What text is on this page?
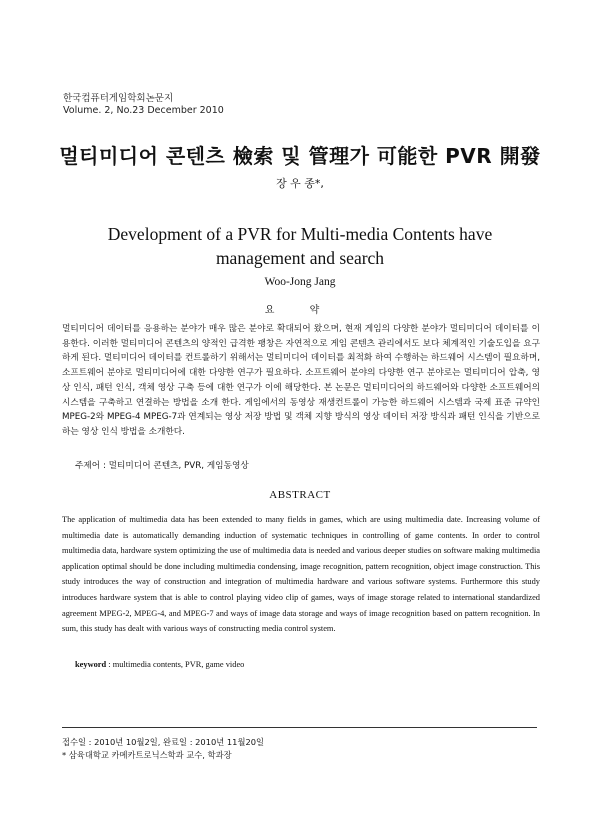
한국컴퓨터게임학회논문지
Volume. 2, No.23 December 2010
멀티미디어 콘텐츠 檢索 및 管理가 可能한 PVR 開發
장 우 종*,
Development of a PVR for Multi-media Contents have management and search
Woo-Jong Jang
요 약
멀티미디어 데이터를 응용하는 분야가 매우 많은 분야로 확대되어 왔으며, 현재 게임의 다양한 분야가 멀티미디어 데이터를 이용한다. 이러한 멀티미디어 콘텐츠의 양적인 급격한 팽창은 자연적으로 게임 콘텐츠 관리에서도 보다 체계적인 기술도입을 요구하게 된다. 멀티미디어 데이터를 컨트롤하기 위해서는 멀티미디어 데이터를 최적화 하여 수행하는 하드웨어 시스템이 필요하며, 소프트웨어 분야로 멀티미디어에 대한 다양한 연구가 필요하다. 소프트웨어 분야의 다양한 연구 분야로는 멀티미디어 압축, 영상 인식, 패턴 인식, 객체 영상 구축 등에 대한 연구가 이에 해당한다. 본 논문은 멀티미디어의 하드웨어와 다양한 소프트웨어의 시스템을 구축하고 연결하는 방법을 소개 한다. 게임에서의 동영상 재생컨트롤이 가능한 하드웨어 시스템과 국제 표준 규약인 MPEG-2와 MPEG-4 MPEG-7과 연계되는 영상 저장 방법 및 객체 지향 방식의 영상 데이터 저장 방식과 패턴 인식을 기반으로 하는 영상 인식 방법을 소개한다.
주제어 : 멀티미디어 콘텐츠, PVR, 게임동영상
ABSTRACT
The application of multimedia data has been extended to many fields in games, which are using multimedia date. Increasing volume of multimedia date is automatically demanding induction of systematic techniques in controlling of game contents. In order to control multimedia data, hardware system optimizing the use of multimedia data is needed and various deeper studies on software making multimedia application optimal should be done including multimedia condensing, image recognition, pattern recognition, object image construction. This study introduces the way of construction and integration of multimedia hardware and various software systems. Furthermore this study introduces hardware system that is able to control playing video clip of games, ways of image storage related to international standardized agreement MPEG-2, MPEG-4, and MPEG-7 and ways of image data storage and ways of image recognition based on pattern recognition. In sum, this study has dealt with various ways of constructing media control system.
keyword : multimedia contents, PVR, game video
접수일 : 2010년 10월2일, 완료일 : 2010년 11월20일
* 삼육대학교 카메카트로닉스학과 교수, 학과장
